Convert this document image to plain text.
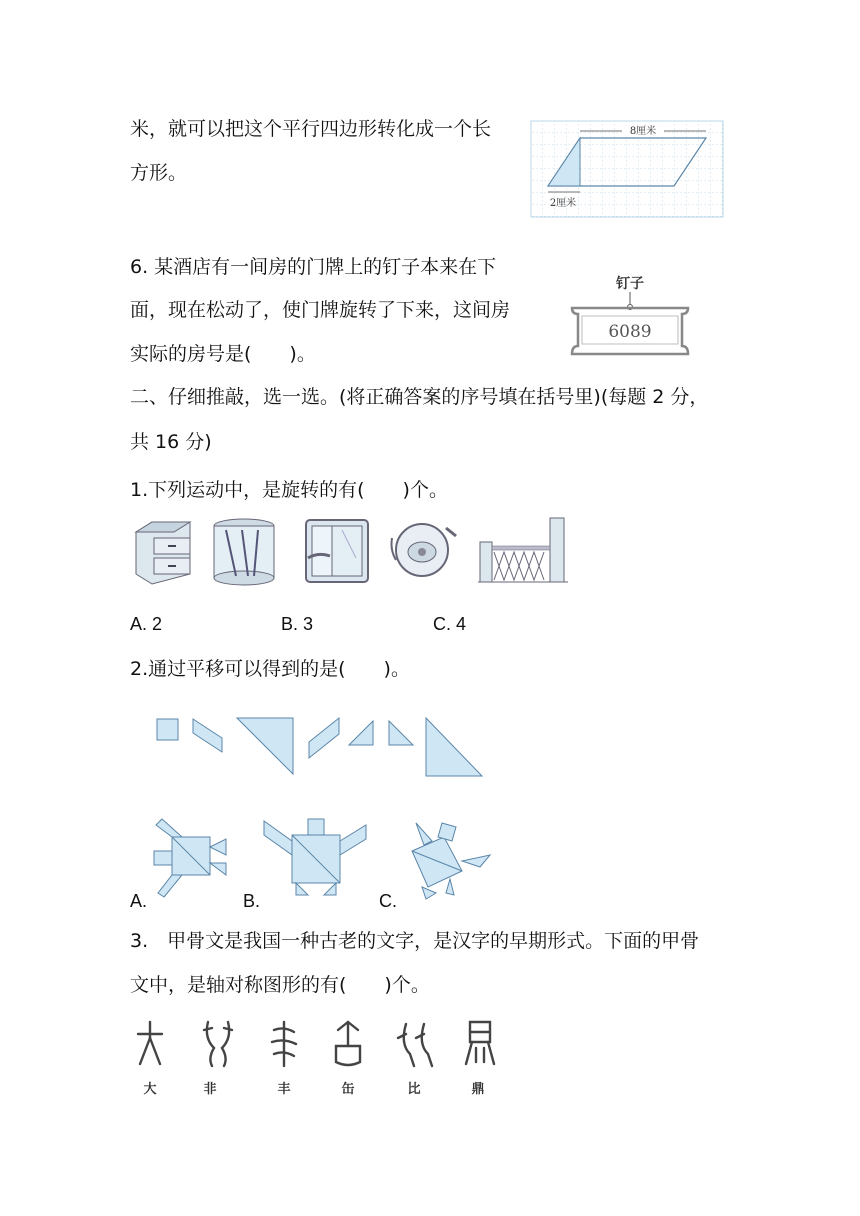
米，就可以把这个平行四边形转化成一个长
方形。
8厘米
2厘米
6. 某酒店有一间房的门牌上的钉子本来在下
面，现在松动了，使门牌旋转了下来，这间房
实际的房号是(　　)。
钉子
6089
二、仔细推敲，选一选。(将正确答案的序号填在括号里)(每题 2 分，
共 16 分)
1.下列运动中，是旋转的有(　　)个。
A. 2	B. 3	C. 4
2.通过平移可以得到的是(　　)。
A.	B.	C.
3.　甲骨文是我国一种古老的文字，是汉字的早期形式。下面的甲骨
文中，是轴对称图形的有(　　)个。
大	非	丰	缶	比	鼎
